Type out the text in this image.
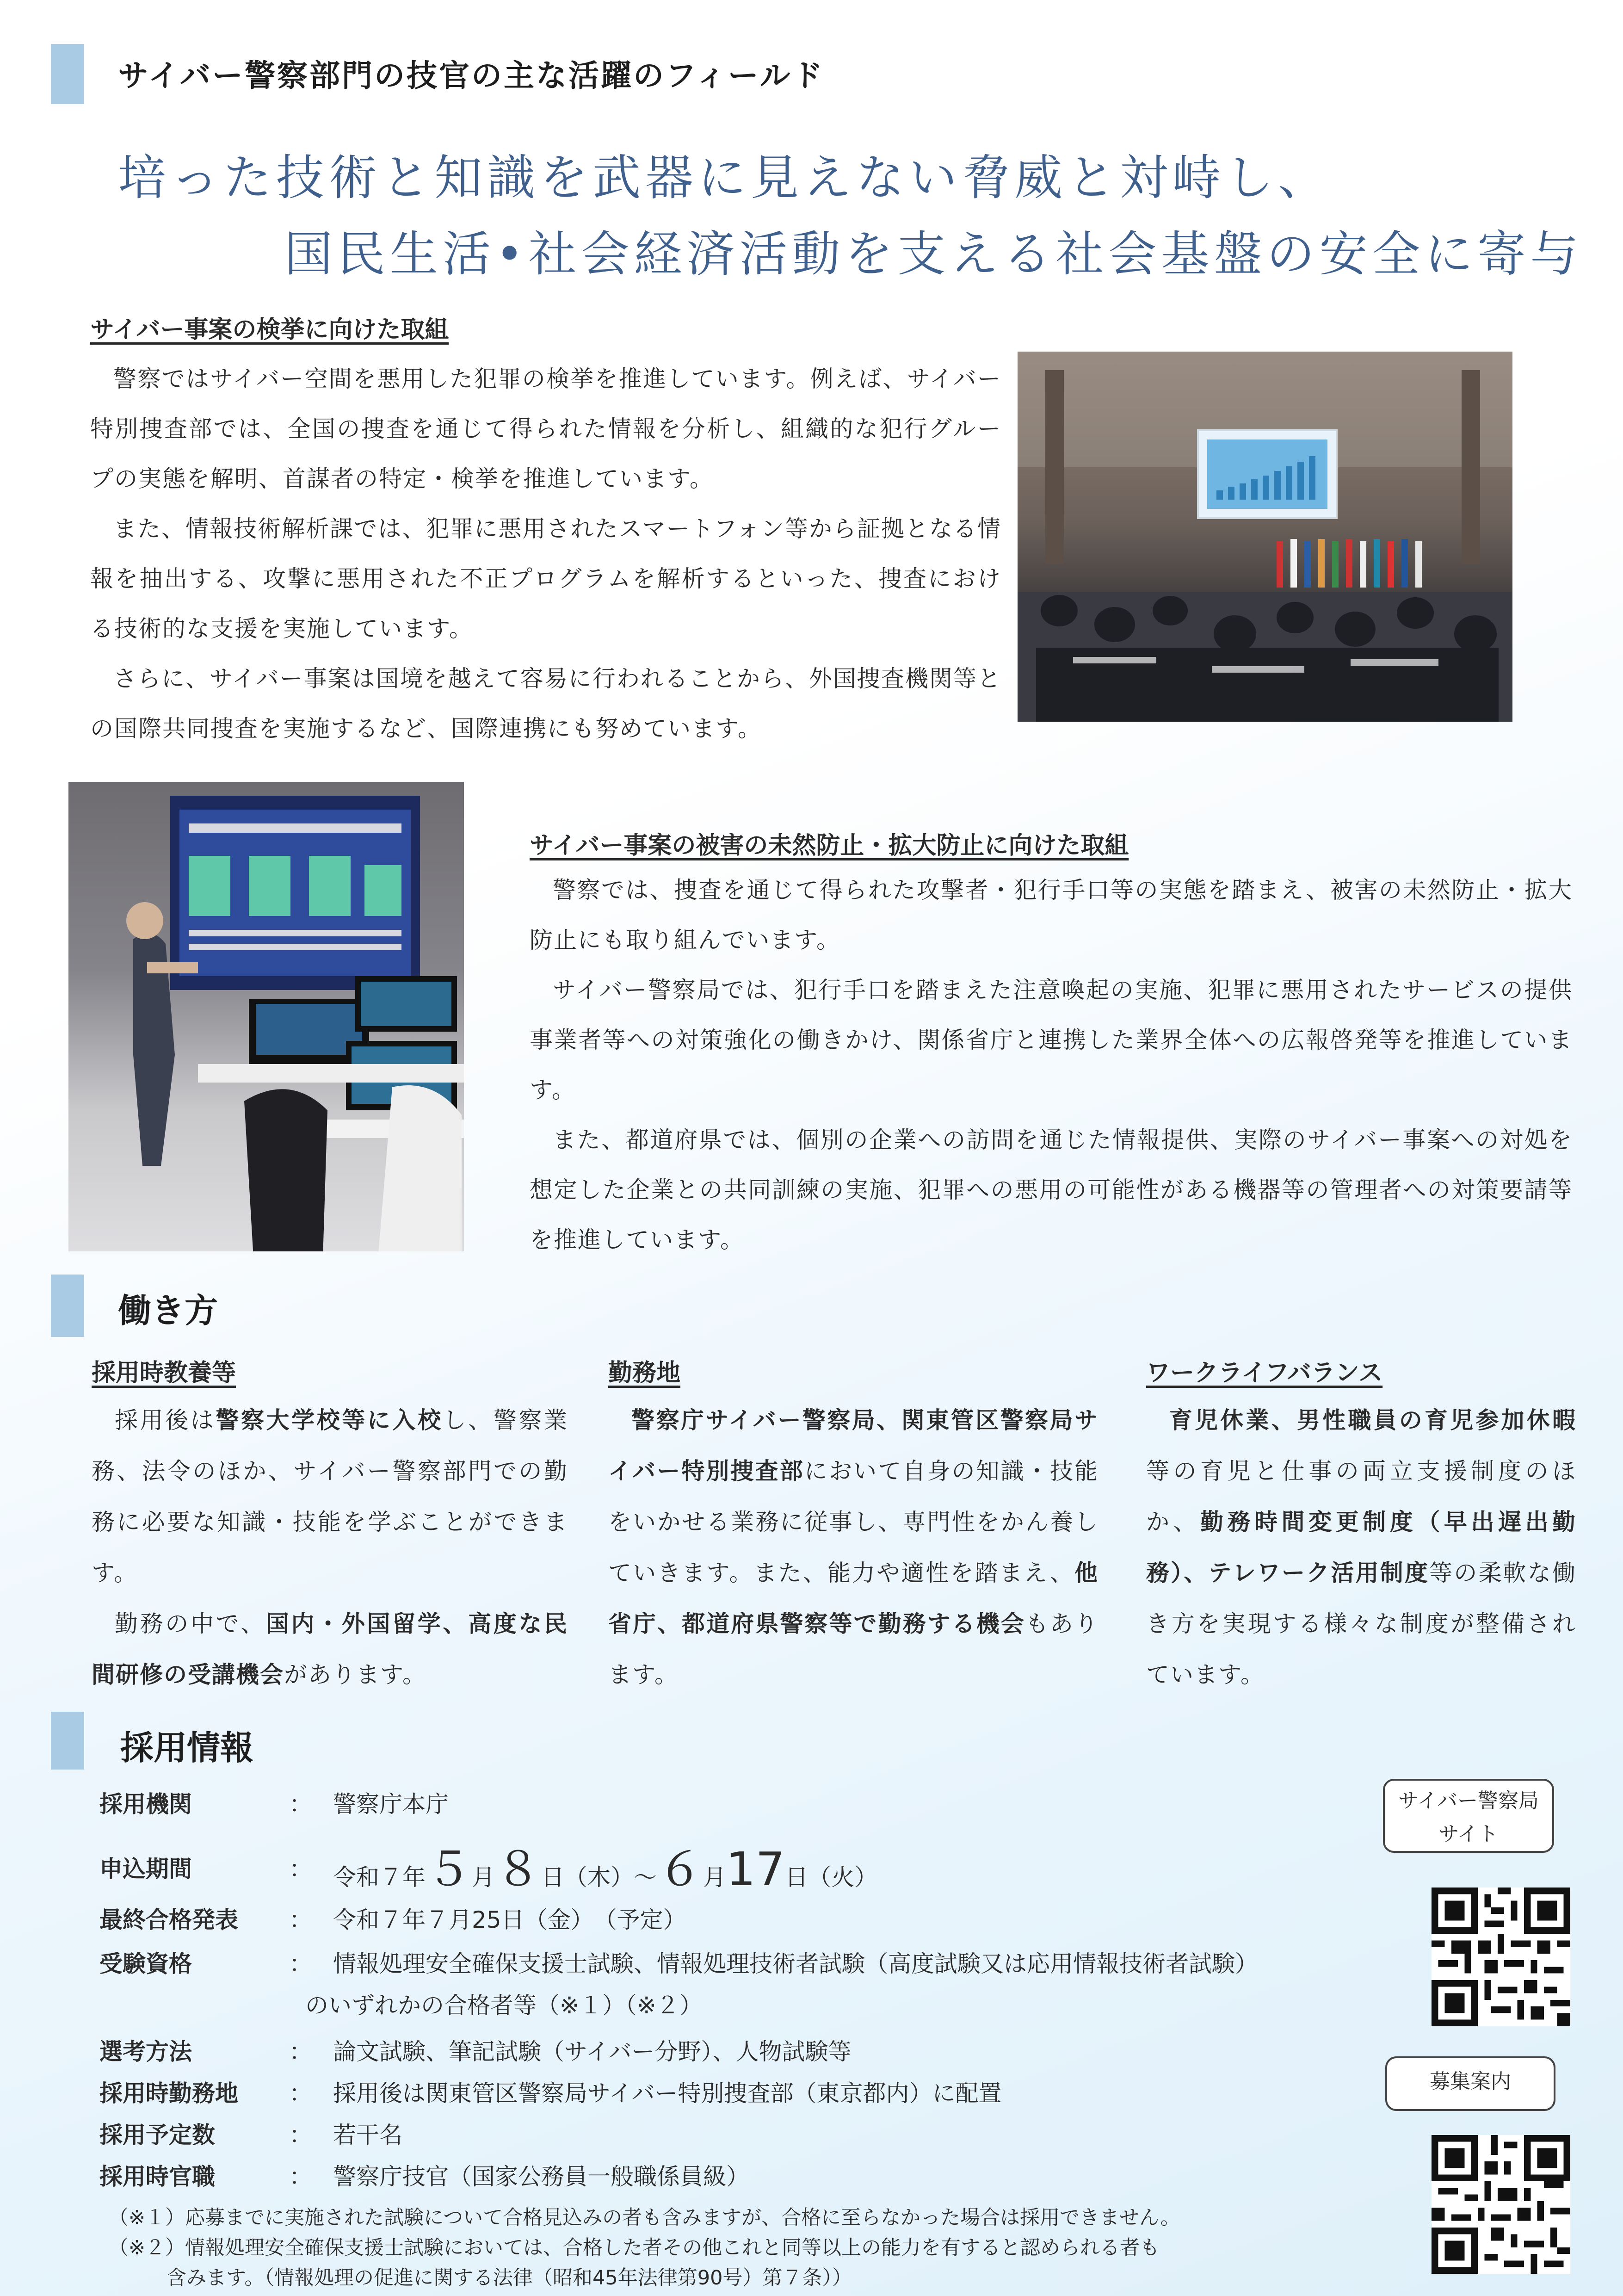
サイバー警察部門の技官の主な活躍のフィールド
培った技術と知識を武器に見えない脅威と対峙し、
国民生活•社会経済活動を支える社会基盤の安全に寄与
サイバー事案の検挙に向けた取組

警察ではサイバー空間を悪用した犯罪の検挙を推進しています。例えば、サイバー特別捜査部では、全国の捜査を通じて得られた情報を分析し、組織的な犯行グループの実態を解明、首謀者の特定・検挙を推進しています。

また、情報技術解析課では、犯罪に悪用されたスマートフォン等から証拠となる情報を抽出する、攻撃に悪用された不正プログラムを解析するといった、捜査における技術的な支援を実施しています。

さらに、サイバー事案は国境を越えて容易に行われることから、外国捜査機関等との国際共同捜査を実施するなど、国際連携にも努めています。

サイバー事案の被害の未然防止・拡大防止に向けた取組

警察では、捜査を通じて得られた攻撃者・犯行手口等の実態を踏まえ、被害の未然防止・拡大防止にも取り組んでいます。

サイバー警察局では、犯行手口を踏まえた注意喚起の実施、犯罪に悪用されたサービスの提供事業者等への対策強化の働きかけ、関係省庁と連携した業界全体への広報啓発等を推進しています。

また、都道府県では、個別の企業への訪問を通じた情報提供、実際のサイバー事案への対処を想定した企業との共同訓練の実施、犯罪への悪用の可能性がある機器等の管理者への対策要請等を推進しています。

働き方
採用時教養等

採用後は警察大学校等に入校し、警察業務、法令のほか、サイバー警察部門での勤務に必要な知識・技能を学ぶことができます。

勤務の中で、国内・外国留学、高度な民間研修の受講機会があります。

勤務地

警察庁サイバー警察局、関東管区警察局サイバー特別捜査部において自身の知識・技能をいかせる業務に従事し、専門性をかん養していきます。また、能力や適性を踏まえ、他省庁、都道府県警察等で勤務する機会もあります。

ワークライフバランス

育児休業、男性職員の育児参加休暇等の育児と仕事の両立支援制度のほか、勤務時間変更制度（早出遅出勤務）、テレワーク活用制度等の柔軟な働き方を実現する様々な制度が整備されています。

採用情報
採用機関	： 警察庁本庁
申込期間	： 令和７年５月８日（木）～６月17日（火）
最終合格発表 ： 令和７年７月25日（金）　（予定）
受験資格	： 情報処理安全確保支援士試験、情報処理技術者試験（高度試験又は応用情報技術者試験）
のいずれかの合格者等（※１）（※２）
選考方法	： 論文試験、筆記試験（サイバー分野）、人物試験等
採用時勤務地 ： 採用後は関東管区警察局サイバー特別捜査部（東京都内）に配置
採用予定数	： 若干名
採用時官職	： 警察庁技官（国家公務員一般職係員級）
（※１）応募までに実施された試験について合格見込みの者も含みますが、合格に至らなかった場合は採用できません。
（※２）情報処理安全確保支援士試験においては、合格した者その他これと同等以上の能力を有すると認められる者も
含みます。（情報処理の促進に関する法律（昭和45年法律第90号）第７条））
サイバー警察局
サイト
募集案内
